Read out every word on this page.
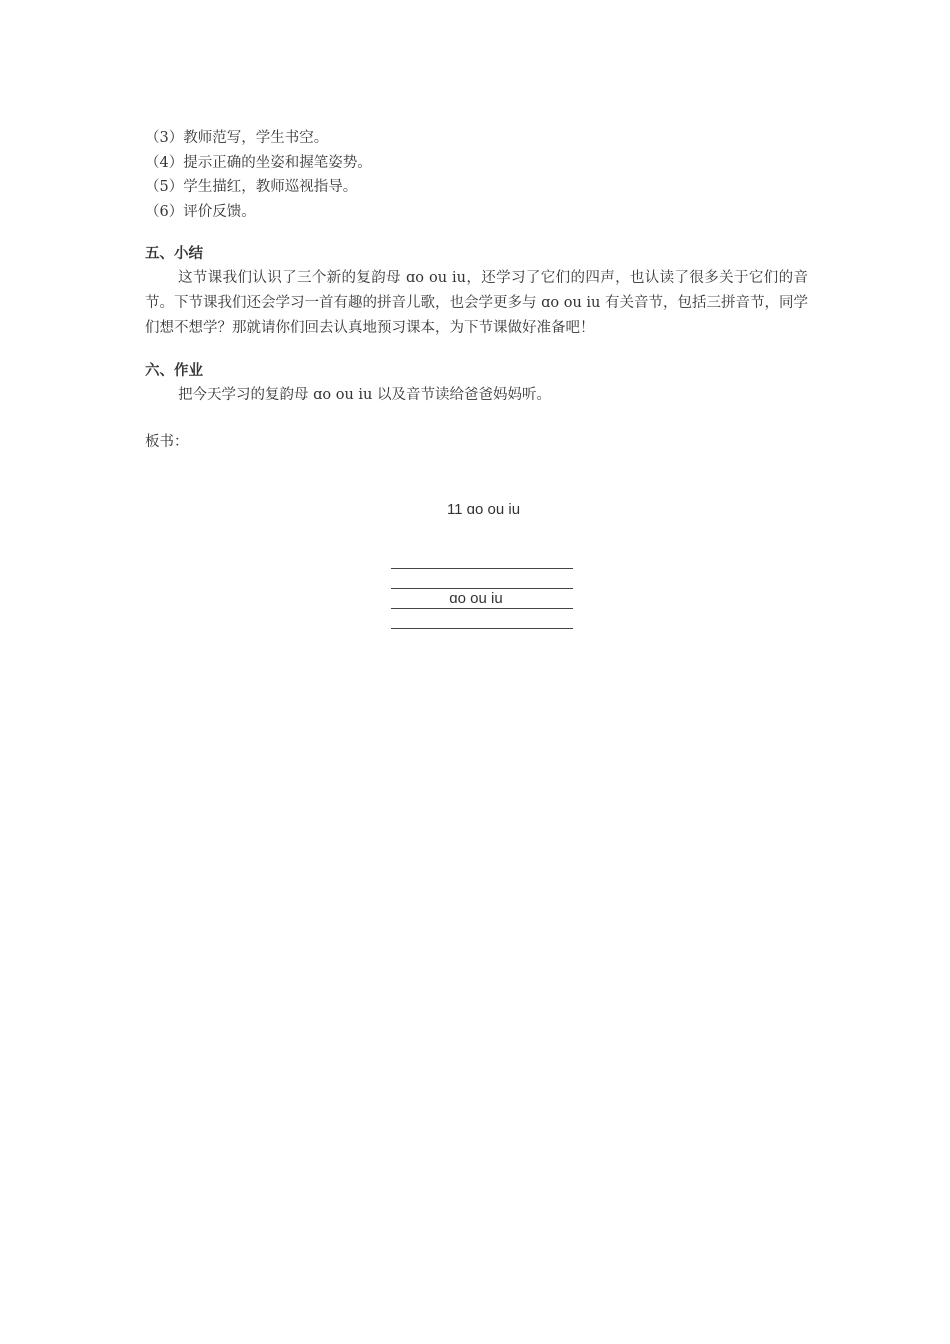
（3）教师范写，学生书空。
（4）提示正确的坐姿和握笔姿势。
（5）学生描红，教师巡视指导。
（6）评价反馈。
五、小结

这节课我们认识了三个新的复韵母 ɑo ou iu，还学习了它们的四声，也认读了很多关于它们的音节。下节课我们还会学习一首有趣的拼音儿歌，也会学更多与 ɑo ou iu 有关音节，包括三拼音节，同学们想不想学？那就请你们回去认真地预习课本，为下节课做好准备吧！

六、作业

把今天学习的复韵母 ɑo ou iu 以及音节读给爸爸妈妈听。

板书：
11 ɑo ou iu
ɑo ou iu
